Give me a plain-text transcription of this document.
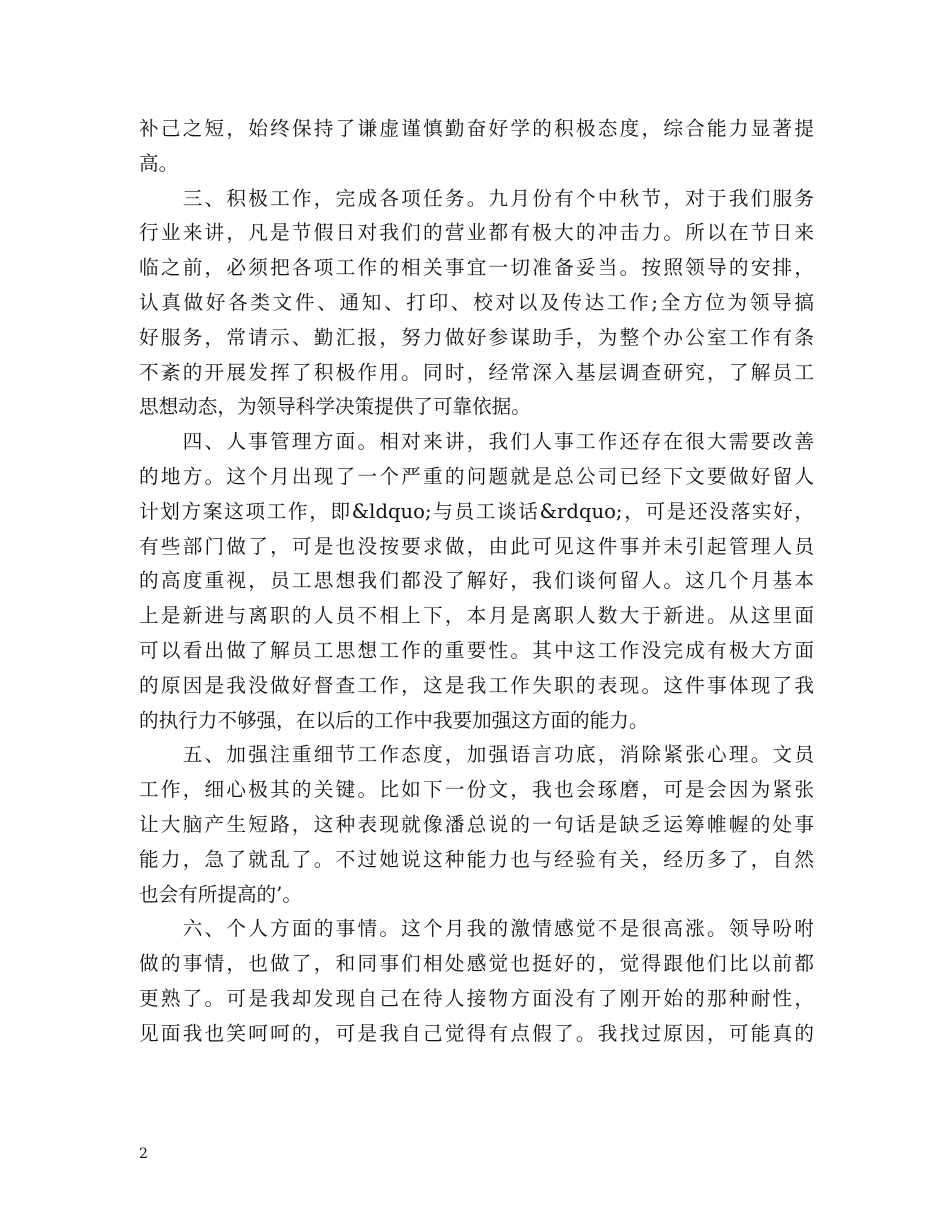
补己之短，始终保持了谦虚谨慎勤奋好学的积极态度，综合能力显著提
高。

　　三、积极工作，完成各项任务。九月份有个中秋节，对于我们服务
行业来讲，凡是节假日对我们的营业都有极大的冲击力。所以在节日来
临之前，必须把各项工作的相关事宜一切准备妥当。按照领导的安排，
认真做好各类文件、通知、打印、校对以及传达工作;全方位为领导搞
好服务，常请示、勤汇报，努力做好参谋助手，为整个办公室工作有条
不紊的开展发挥了积极作用。同时，经常深入基层调查研究，了解员工
思想动态，为领导科学决策提供了可靠依据。

　　四、人事管理方面。相对来讲，我们人事工作还存在很大需要改善
的地方。这个月出现了一个严重的问题就是总公司已经下文要做好留人
计划方案这项工作，即&ldquo;与员工谈话&rdquo;，可是还没落实好，
有些部门做了，可是也没按要求做，由此可见这件事并未引起管理人员
的高度重视，员工思想我们都没了解好，我们谈何留人。这几个月基本
上是新进与离职的人员不相上下，本月是离职人数大于新进。从这里面
可以看出做了解员工思想工作的重要性。其中这工作没完成有极大方面
的原因是我没做好督查工作，这是我工作失职的表现。这件事体现了我
的执行力不够强，在以后的工作中我要加强这方面的能力。

　　五、加强注重细节工作态度，加强语言功底，消除紧张心理。文员
工作，细心极其的关键。比如下一份文，我也会琢磨，可是会因为紧张
让大脑产生短路，这种表现就像潘总说的一句话是缺乏运筹帷幄的处事
能力，急了就乱了。不过她说这种能力也与经验有关，经历多了，自然
也会有所提高的’。

　　六、个人方面的事情。这个月我的激情感觉不是很高涨。领导吩咐
做的事情，也做了，和同事们相处感觉也挺好的，觉得跟他们比以前都
更熟了。可是我却发现自己在待人接物方面没有了刚开始的那种耐性，
见面我也笑呵呵的，可是我自己觉得有点假了。我找过原因，可能真的

2
